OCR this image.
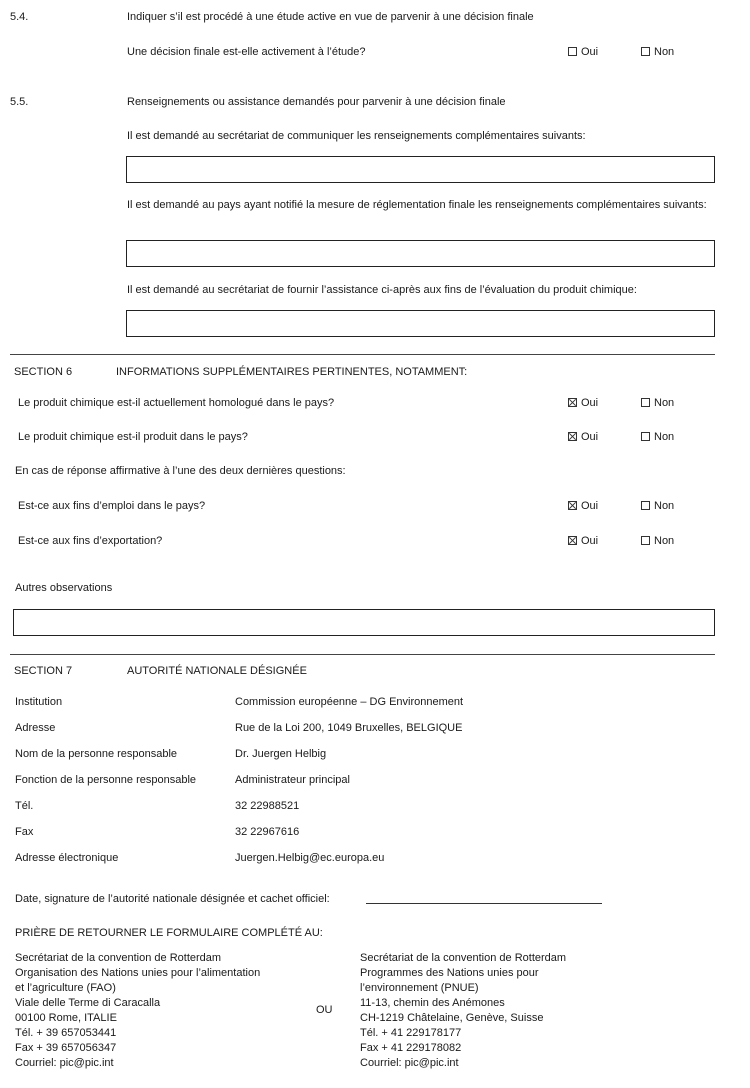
5.4.	Indiquer s’il est procédé à une étude active en vue de parvenir à une décision finale
Une décision finale est-elle activement à l’étude?	Oui	Non
5.5.	Renseignements ou assistance demandés pour parvenir à une décision finale
Il est demandé au secrétariat de communiquer les renseignements complémentaires suivants:
Il est demandé au pays ayant notifié la mesure de réglementation finale les renseignements complémentaires suivants:
Il est demandé au secrétariat de fournir l’assistance ci-après aux fins de l’évaluation du produit chimique:
SECTION 6	INFORMATIONS SUPPLÉMENTAIRES PERTINENTES, NOTAMMENT:
Le produit chimique est-il actuellement homologué dans le pays?	Oui	Non
Le produit chimique est-il produit dans le pays?	Oui	Non
En cas de réponse affirmative à l’une des deux dernières questions:
Est-ce aux fins d’emploi dans le pays?	Oui	Non
Est-ce aux fins d’exportation?	Oui	Non
Autres observations
SECTION 7	AUTORITÉ NATIONALE DÉSIGNÉE
Institution	Commission européenne – DG Environnement
Adresse	Rue de la Loi 200, 1049 Bruxelles, BELGIQUE
Nom de la personne responsable	Dr. Juergen Helbig
Fonction de la personne responsable	Administrateur principal
Tél.	32 22988521
Fax	32 22967616
Adresse électronique	Juergen.Helbig@ec.europa.eu
Date, signature de l’autorité nationale désignée et cachet officiel:
PRIÈRE DE RETOURNER LE FORMULAIRE COMPLÉTÉ AU:
Secrétariat de la convention de Rotterdam
Organisation des Nations unies pour l’alimentation
et l’agriculture (FAO)
Viale delle Terme di Caracalla
00100 Rome, ITALIE
Tél. + 39 657053441
Fax + 39 657056347
Courriel: pic@pic.int
OU
Secrétariat de la convention de Rotterdam
Programmes des Nations unies pour
l’environnement (PNUE)
11-13, chemin des Anémones
CH-1219 Châtelaine, Genève, Suisse
Tél. + 41 229178177
Fax + 41 229178082
Courriel: pic@pic.int
